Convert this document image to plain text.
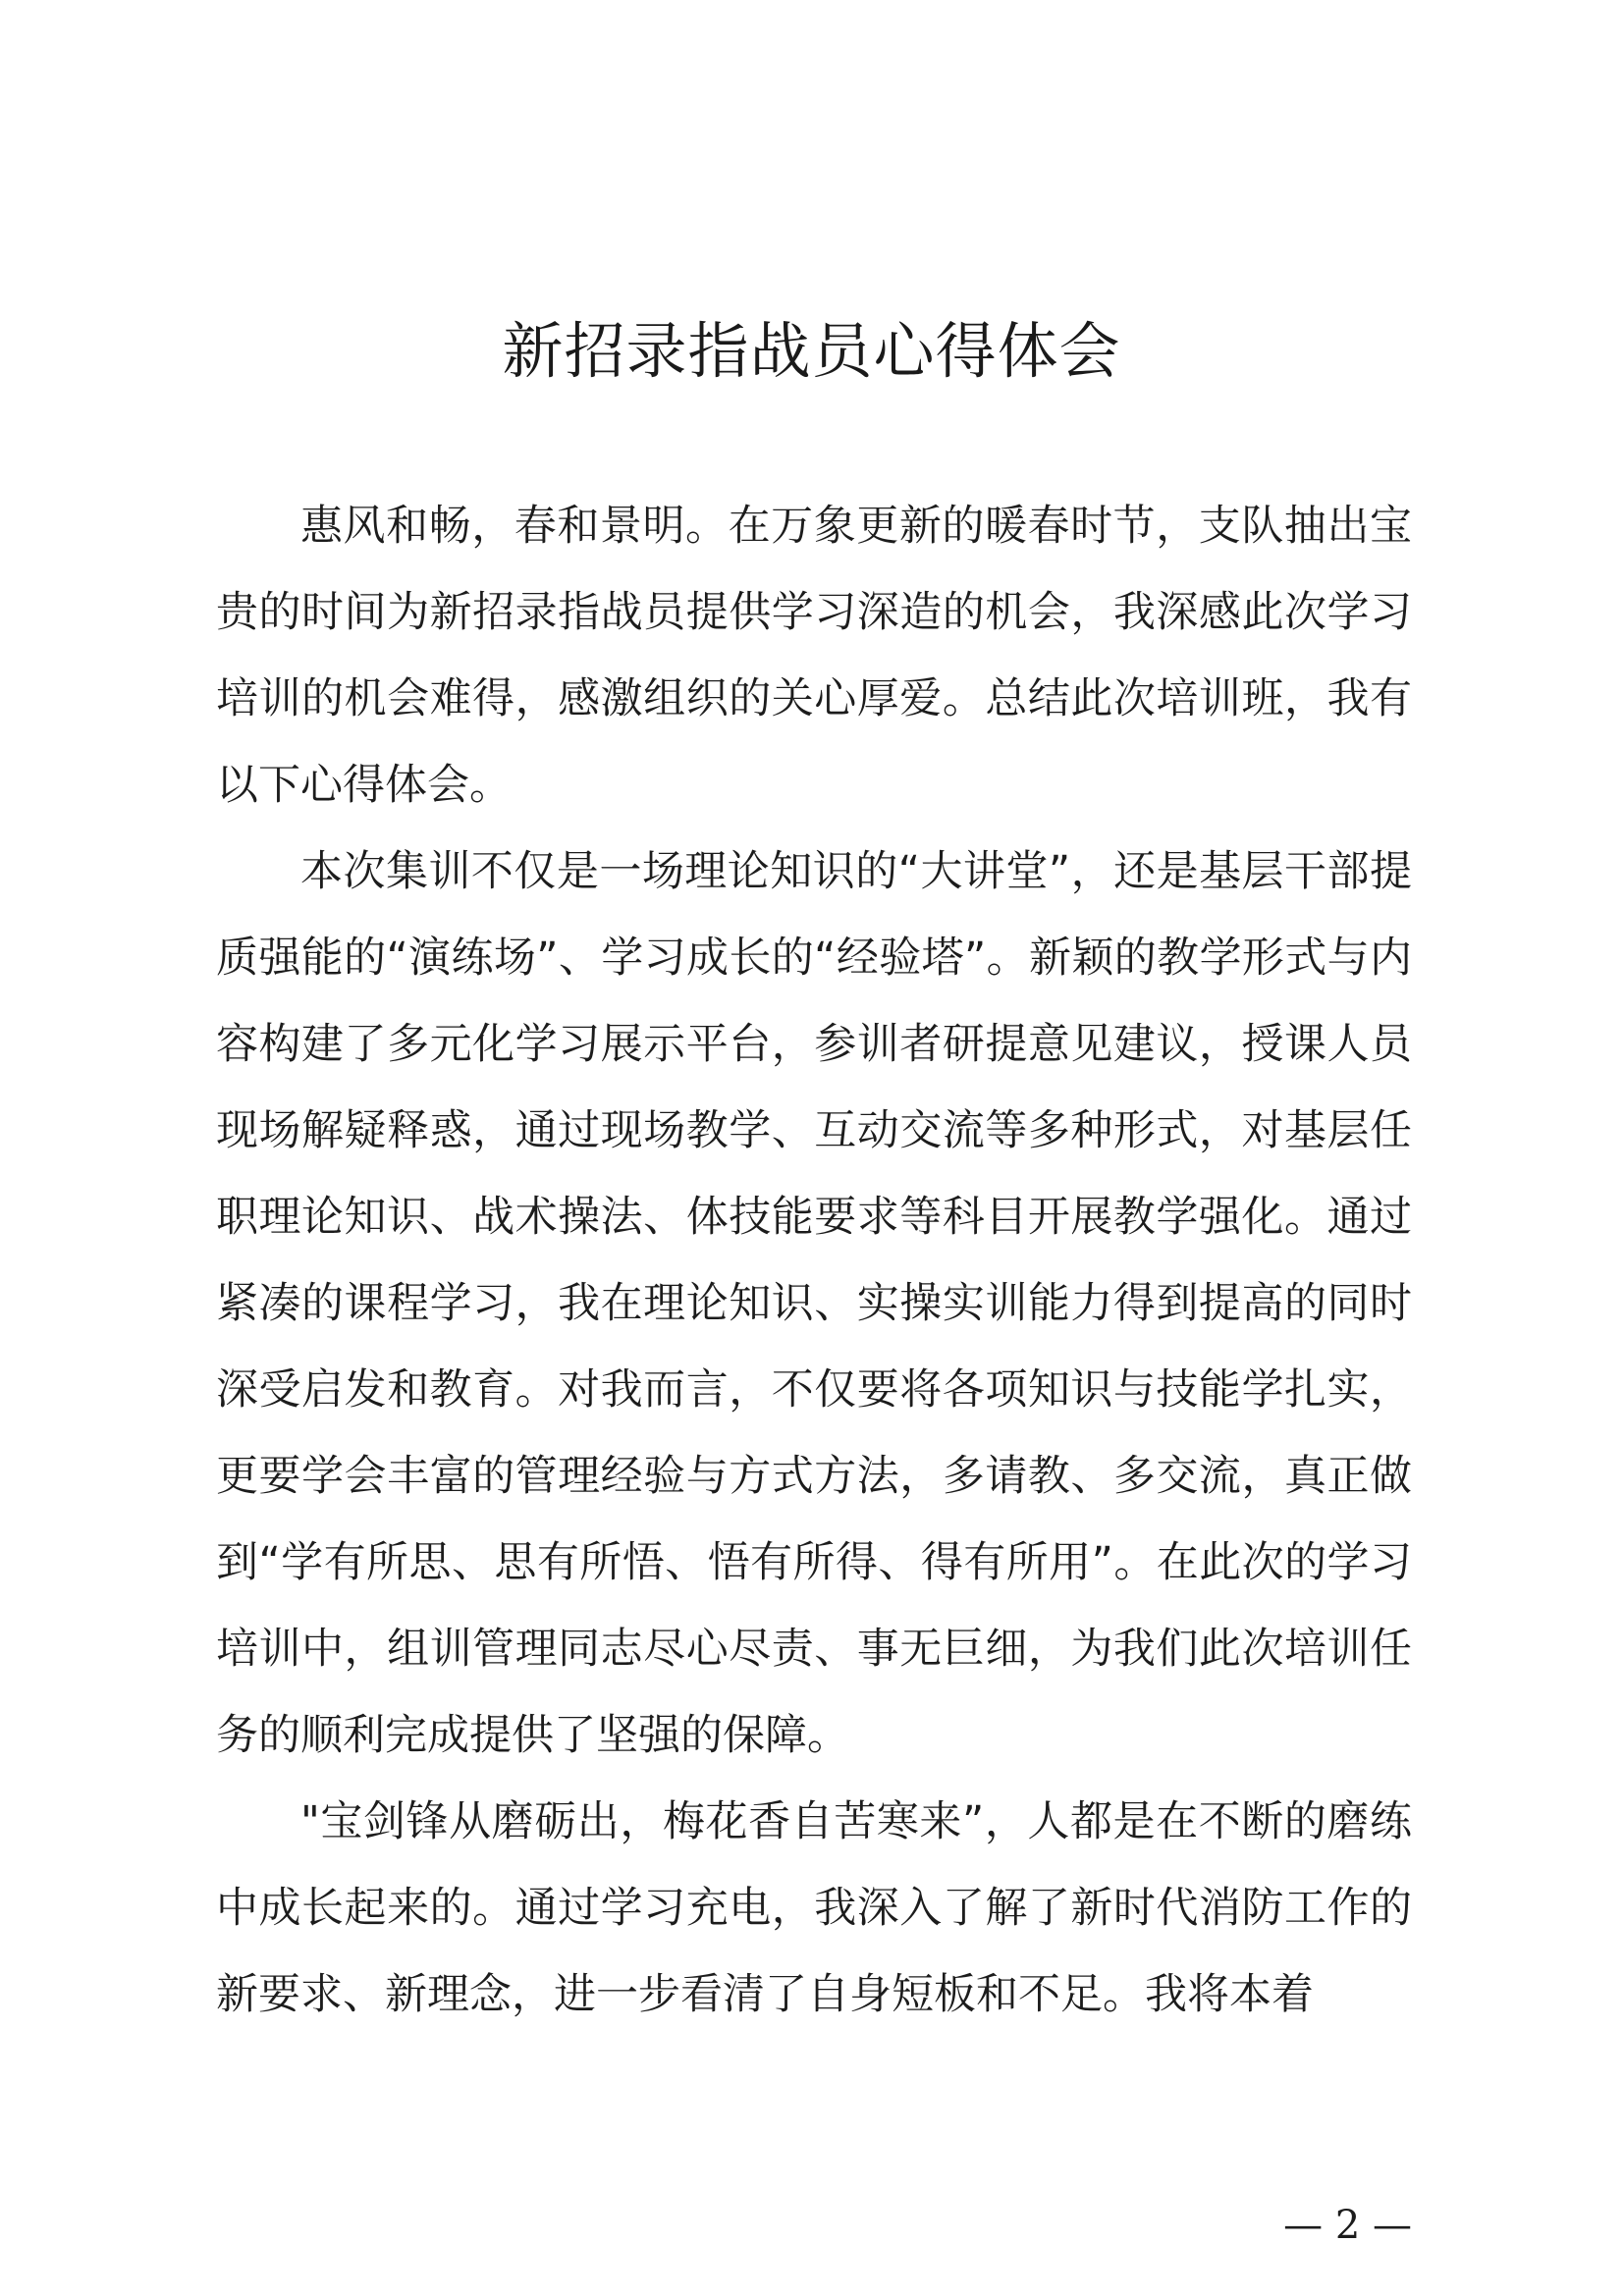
新招录指战员心得体会

惠风和畅，春和景明。在万象更新的暖春时节，支队抽出宝贵的时间为新招录指战员提供学习深造的机会，我深感此次学习培训的机会难得，感激组织的关心厚爱。总结此次培训班，我有以下心得体会。

本次集训不仅是一场理论知识的“大讲堂”，还是基层干部提质强能的“演练场”、学习成长的“经验塔”。新颖的教学形式与内容构建了多元化学习展示平台，参训者研提意见建议，授课人员现场解疑释惑，通过现场教学、互动交流等多种形式，对基层任职理论知识、战术操法、体技能要求等科目开展教学强化。通过紧凑的课程学习，我在理论知识、实操实训能力得到提高的同时深受启发和教育。对我而言，不仅要将各项知识与技能学扎实，更要学会丰富的管理经验与方式方法，多请教、多交流，真正做到“学有所思、思有所悟、悟有所得、得有所用”。在此次的学习培训中，组训管理同志尽心尽责、事无巨细，为我们此次培训任务的顺利完成提供了坚强的保障。

"宝剑锋从磨砺出，梅花香自苦寒来”，人都是在不断的磨练中成长起来的。通过学习充电，我深入了解了新时代消防工作的新要求、新理念，进一步看清了自身短板和不足。我将本着

— 2 —
